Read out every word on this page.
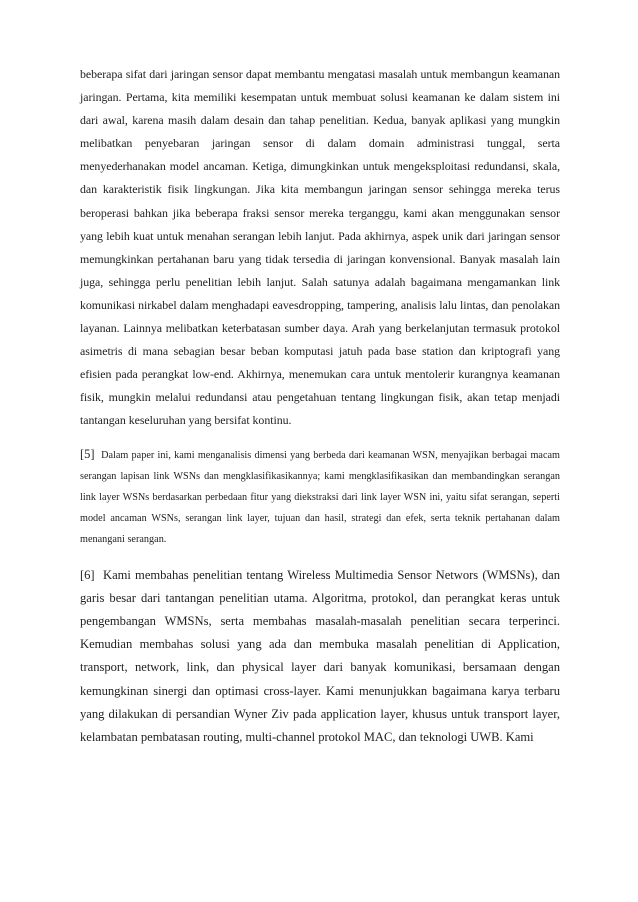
beberapa sifat dari jaringan sensor dapat membantu mengatasi masalah untuk membangun keamanan jaringan. Pertama, kita memiliki kesempatan untuk membuat solusi keamanan ke dalam sistem ini dari awal, karena masih dalam desain dan tahap penelitian. Kedua, banyak aplikasi yang mungkin melibatkan penyebaran jaringan sensor di dalam domain administrasi tunggal, serta menyederhanakan model ancaman. Ketiga, dimungkinkan untuk mengeksploitasi redundansi, skala, dan karakteristik fisik lingkungan. Jika kita membangun jaringan sensor sehingga mereka terus beroperasi bahkan jika beberapa fraksi sensor mereka terganggu, kami akan menggunakan sensor yang lebih kuat untuk menahan serangan lebih lanjut. Pada akhirnya, aspek unik dari jaringan sensor memungkinkan pertahanan baru yang tidak tersedia di jaringan konvensional. Banyak masalah lain juga, sehingga perlu penelitian lebih lanjut. Salah satunya adalah bagaimana mengamankan link komunikasi nirkabel dalam menghadapi eavesdropping, tampering, analisis lalu lintas, dan penolakan layanan. Lainnya melibatkan keterbatasan sumber daya. Arah yang berkelanjutan termasuk protokol asimetris di mana sebagian besar beban komputasi jatuh pada base station dan kriptografi yang efisien pada perangkat low-end. Akhirnya, menemukan cara untuk mentolerir kurangnya keamanan fisik, mungkin melalui redundansi atau pengetahuan tentang lingkungan fisik, akan tetap menjadi tantangan keseluruhan yang bersifat kontinu.

[5] Dalam paper ini, kami menganalisis dimensi yang berbeda dari keamanan WSN, menyajikan berbagai macam serangan lapisan link WSNs dan mengklasifikasikannya; kami mengklasifikasikan dan membandingkan serangan link layer WSNs berdasarkan perbedaan fitur yang diekstraksi dari link layer WSN ini, yaitu sifat serangan, seperti model ancaman WSNs, serangan link layer, tujuan dan hasil, strategi dan efek, serta teknik pertahanan dalam menangani serangan.

[6] Kami membahas penelitian tentang Wireless Multimedia Sensor Networs (WMSNs), dan garis besar dari tantangan penelitian utama. Algoritma, protokol, dan perangkat keras untuk pengembangan WMSNs, serta membahas masalah-masalah penelitian secara terperinci. Kemudian membahas solusi yang ada dan membuka masalah penelitian di Application, transport, network, link, dan physical layer dari banyak komunikasi, bersamaan dengan kemungkinan sinergi dan optimasi cross-layer. Kami menunjukkan bagaimana karya terbaru yang dilakukan di persandian Wyner Ziv pada application layer, khusus untuk transport layer, kelambatan pembatasan routing, multi-channel protokol MAC, dan teknologi UWB. Kami
